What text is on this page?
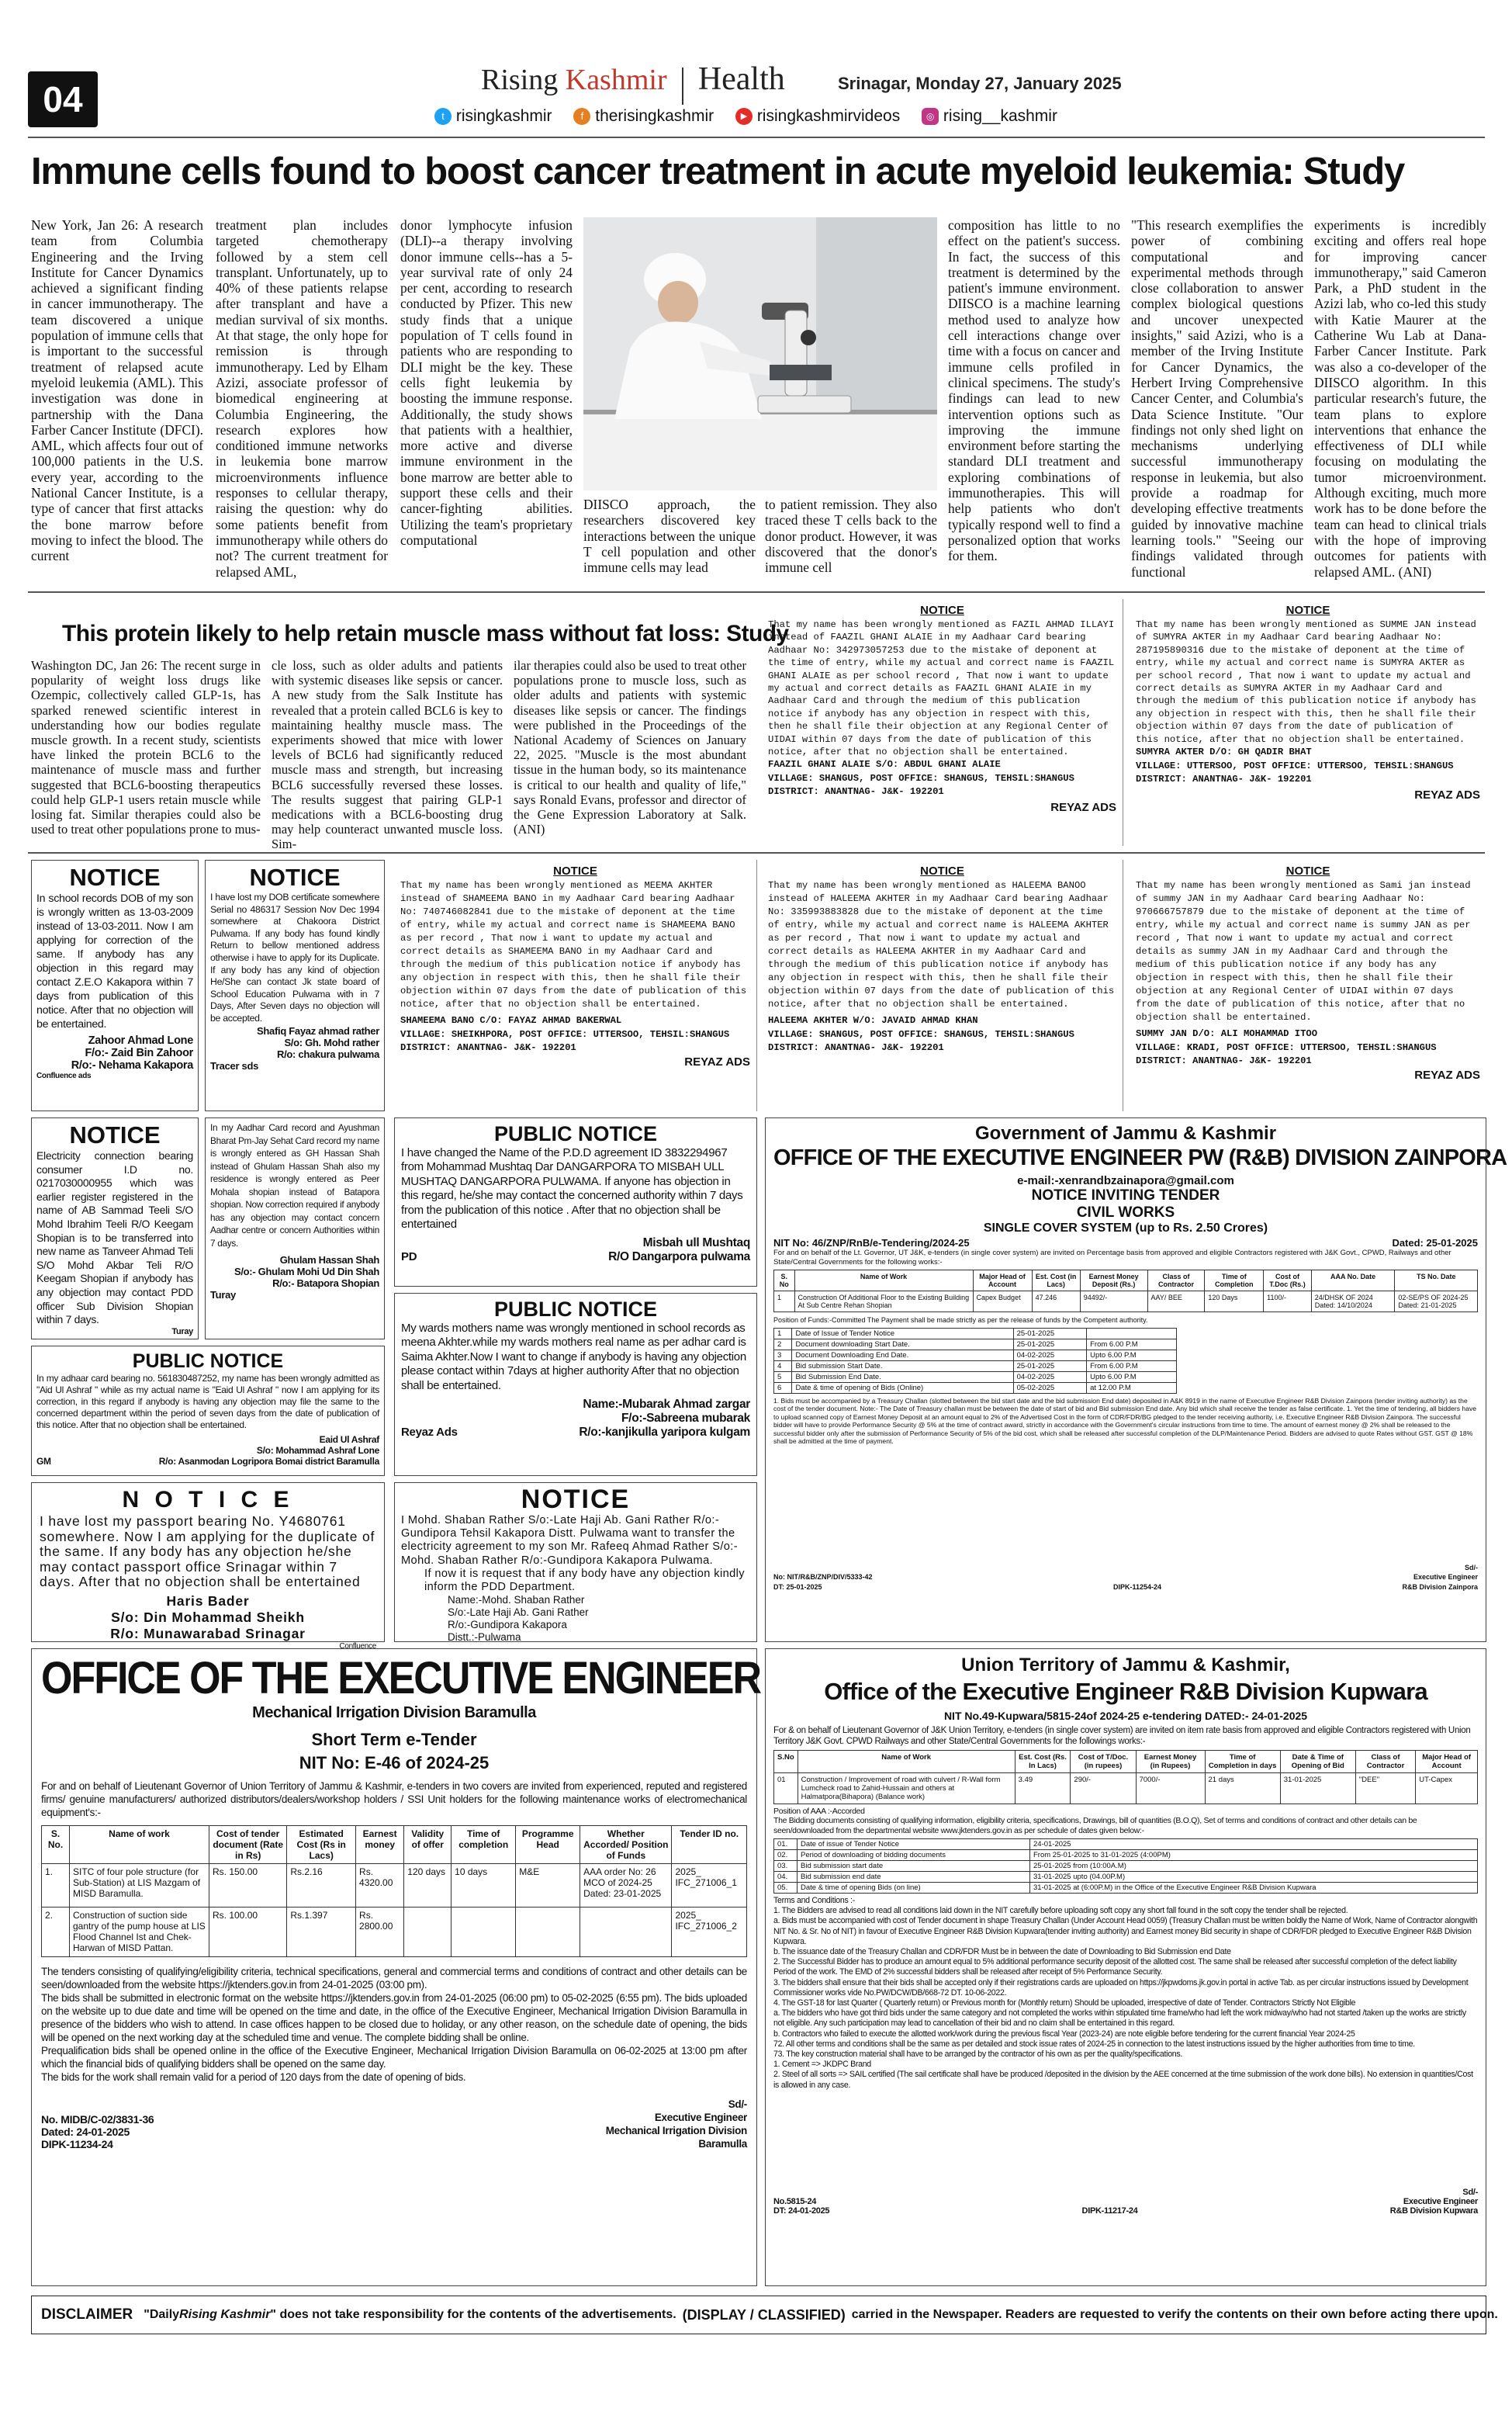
04	Rising Kashmir Health	Srinagar, Monday 27, January 2025
t risingkashmir	f therisingkashmir	▶ risingkashmirvideos	◎ rising__kashmir
Immune cells found to boost cancer treatment in acute myeloid leukemia: Study
New York, Jan 26: A research team from Columbia Engineering and the Irving Institute for Cancer Dynamics achieved a significant finding in cancer immunotherapy. The team discovered a unique population of immune cells that is important to the successful treatment of relapsed acute myeloid leukemia (AML). This investigation was done in partnership with the Dana Farber Cancer Institute (DFCI). AML, which affects four out of 100,000 patients in the U.S. every year, according to the National Cancer Institute, is a type of cancer that first attacks the bone marrow before moving to infect the blood. The current
treatment plan includes targeted chemotherapy followed by a stem cell transplant. Unfortunately, up to 40% of these patients relapse after transplant and have a median survival of six months. At that stage, the only hope for remission is through immunotherapy. Led by Elham Azizi, associate professor of biomedical engineering at Columbia Engineering, the research explores how conditioned immune networks in leukemia bone marrow microenvironments influence responses to cellular therapy, raising the question: why do some patients benefit from immunotherapy while others do not? The current treatment for relapsed AML,
donor lymphocyte infusion (DLI)--a therapy involving donor immune cells--has a 5-year survival rate of only 24 per cent, according to research conducted by Pfizer. This new study finds that a unique population of T cells found in patients who are responding to DLI might be the key. These cells fight leukemia by boosting the immune response. Additionally, the study shows that patients with a healthier, more active and diverse immune environment in the bone marrow are better able to support these cells and their cancer-fighting abilities. Utilizing the team's proprietary computational
DIISCO approach, the researchers discovered key interactions between the unique T cell population and other immune cells may lead
to patient remission. They also traced these T cells back to the donor product. However, it was discovered that the donor's immune cell
composition has little to no effect on the patient's success. In fact, the success of this treatment is determined by the patient's immune environment. DIISCO is a machine learning method used to analyze how cell interactions change over time with a focus on cancer and immune cells profiled in clinical specimens. The study's findings can lead to new intervention options such as improving the immune environment before starting the standard DLI treatment and exploring combinations of immunotherapies. This will help patients who don't typically respond well to find a personalized option that works for them.
"This research exemplifies the power of combining computational and experimental methods through close collaboration to answer complex biological questions and uncover unexpected insights," said Azizi, who is a member of the Irving Institute for Cancer Dynamics, the Herbert Irving Comprehensive Cancer Center, and Columbia's Data Science Institute. "Our findings not only shed light on mechanisms underlying successful immunotherapy response in leukemia, but also provide a roadmap for developing effective treatments guided by innovative machine learning tools." "Seeing our findings validated through functional
experiments is incredibly exciting and offers real hope for improving cancer immunotherapy," said Cameron Park, a PhD student in the Azizi lab, who co-led this study with Katie Maurer at the Catherine Wu Lab at Dana-Farber Cancer Institute. Park was also a co-developer of the DIISCO algorithm. In this particular research's future, the team plans to explore interventions that enhance the effectiveness of DLI while focusing on modulating the tumor microenvironment. Although exciting, much more work has to be done before the team can head to clinical trials with the hope of improving outcomes for patients with relapsed AML. (ANI)
This protein likely to help retain muscle mass without fat loss: Study
Washington DC, Jan 26: The recent surge in popularity of weight loss drugs like Ozempic, collectively called GLP-1s, has sparked renewed scientific interest in understanding how our bodies regulate muscle growth. In a recent study, scientists have linked the protein BCL6 to the maintenance of muscle mass and further suggested that BCL6-boosting therapeutics could help GLP-1 users retain muscle while losing fat. Similar therapies could also be used to treat other populations prone to mus-
cle loss, such as older adults and patients with systemic diseases like sepsis or cancer. A new study from the Salk Institute has revealed that a protein called BCL6 is key to maintaining healthy muscle mass. The experiments showed that mice with lower levels of BCL6 had significantly reduced muscle mass and strength, but increasing BCL6 successfully reversed these losses. The results suggest that pairing GLP-1 medications with a BCL6-boosting drug may help counteract unwanted muscle loss. Sim-
ilar therapies could also be used to treat other populations prone to muscle loss, such as older adults and patients with systemic diseases like sepsis or cancer. The findings were published in the Proceedings of the National Academy of Sciences on January 22, 2025. "Muscle is the most abundant tissue in the human body, so its maintenance is critical to our health and quality of life," says Ronald Evans, professor and director of the Gene Expression Laboratory at Salk. (ANI)
NOTICE
That my name has been wrongly mentioned as FAZIL AHMAD ILLAYI instead of FAAZIL GHANI ALAIE in my Aadhaar Card bearing Aadhaar No: 342973057253 due to the mistake of deponent at the time of entry, while my actual and correct name is FAAZIL GHANI ALAIE as per school record , That now i want to update my actual and correct details as FAAZIL GHANI ALAIE in my Aadhaar Card and through the medium of this publication notice if anybody has any objection in respect with this, then he shall file their objection at any Regional Center of UIDAI within 07 days from the date of publication of this notice, after that no objection shall be entertained.
FAAZIL GHANI ALAIE S/O: ABDUL GHANI ALAIE
VILLAGE: SHANGUS, POST OFFICE: SHANGUS, TEHSIL:SHANGUS
DISTRICT: ANANTNAG- J&K- 192201
REYAZ ADS
NOTICE
That my name has been wrongly mentioned as SUMME JAN instead of SUMYRA AKTER in my Aadhaar Card bearing Aadhaar No: 287195890316 due to the mistake of deponent at the time of entry, while my actual and correct name is SUMYRA AKTER as per school record , That now i want to update my actual and correct details as SUMYRA AKTER in my Aadhaar Card and through the medium of this publication notice if anybody has any objection in respect with this, then he shall file their objection within 07 days from the date of publication of this notice, after that no objection shall be entertained.
SUMYRA AKTER D/O: GH QADIR BHAT
VILLAGE: UTTERSOO, POST OFFICE: UTTERSOO, TEHSIL:SHANGUS
DISTRICT: ANANTNAG- J&K- 192201
REYAZ ADS
NOTICE
In school records DOB of my son is wrongly written as 13-03-2009 instead of 13-03-2011. Now I am applying for correction of the same. If anybody has any objection in this regard may contact Z.E.O Kakapora within 7 days from publication of this notice. After that no objection will be entertained.
Zahoor Ahmad Lone
F/o:- Zaid Bin Zahoor
R/o:- Nehama Kakapora
Confluence ads
NOTICE
I have lost my DOB certificate somewhere Serial no 486317 Session Nov Dec 1994 somewhere at Chakoora District Pulwama. If any body has found kindly Return to bellow mentioned address otherwise i have to apply for its Duplicate. If any body has any kind of objection He/She can contact Jk state board of School Education Pulwama with in 7 Days, After Seven days no objection will be accepted.
Shafiq Fayaz ahmad rather
S/o: Gh. Mohd rather
R/o: chakura pulwama
Tracer sds
NOTICE
That my name has been wrongly mentioned as MEEMA AKHTER instead of SHAMEEMA BANO in my Aadhaar Card bearing Aadhaar No: 740746082841 due to the mistake of deponent at the time of entry, while my actual and correct name is SHAMEEMA BANO as per record , That now i want to update my actual and correct details as SHAMEEMA BANO in my Aadhaar Card and through the medium of this publication notice if anybody has any objection in respect with this, then he shall file their objection within 07 days from the date of publication of this notice, after that no objection shall be entertained.
SHAMEEMA BANO C/O: FAYAZ AHMAD BAKERWAL
VILLAGE: SHEIKHPORA, POST OFFICE: UTTERSOO, TEHSIL:SHANGUS
DISTRICT: ANANTNAG- J&K- 192201
REYAZ ADS
NOTICE
That my name has been wrongly mentioned as HALEEMA BANOO instead of HALEEMA AKHTER in my Aadhaar Card bearing Aadhaar No: 335993883828 due to the mistake of deponent at the time of entry, while my actual and correct name is HALEEMA AKHTER as per record , That now i want to update my actual and correct details as HALEEMA AKHTER in my Aadhaar Card and through the medium of this publication notice if anybody has any objection in respect with this, then he shall file their objection within 07 days from the date of publication of this notice, after that no objection shall be entertained.
HALEEMA AKHTER W/O: JAVAID AHMAD KHAN
VILLAGE: SHANGUS, POST OFFICE: SHANGUS, TEHSIL:SHANGUS
DISTRICT: ANANTNAG- J&K- 192201
NOTICE
That my name has been wrongly mentioned as Sami jan instead of summy JAN in my Aadhaar Card bearing Aadhaar No: 970666757879 due to the mistake of deponent at the time of entry, while my actual and correct name is summy JAN as per record , That now i want to update my actual and correct details as summy JAN in my Aadhaar Card and through the medium of this publication notice if any body has any objection in respect with this, then he shall file their objection at any Regional Center of UIDAI within 07 days from the date of publication of this notice, after that no objection shall be entertained.
SUMMY JAN D/O: ALI MOHAMMAD ITOO
VILLAGE: KRADI, POST OFFICE: UTTERSOO, TEHSIL:SHANGUS
DISTRICT: ANANTNAG- J&K- 192201
REYAZ ADS
NOTICE
Electricity connection bearing consumer I.D no. 0217030000955 which was earlier register registered in the name of AB Sammad Teeli S/O Mohd Ibrahim Teeli R/O Keegam Shopian is to be transferred into new name as Tanveer Ahmad Teli S/O Mohd Akbar Teli R/O Keegam Shopian if anybody has any objection may contact PDD officer Sub Division Shopian within 7 days.
Turay
In my Aadhar Card record and Ayushman Bharat Pm-Jay Sehat Card record my name is wrongly entered as GH Hassan Shah instead of Ghulam Hassan Shah also my residence is wrongly entered as Peer Mohala shopian instead of Batapora shopian. Now correction required if anybody has any objection may contact concern Aadhar centre or concern Authorities within 7 days.
Ghulam Hassan Shah
S/o:- Ghulam Mohi Ud Din Shah
R/o:- Batapora Shopian
Turay
PUBLIC NOTICE
I have changed the Name of the P.D.D agreement ID 3832294967 from Mohammad Mushtaq Dar DANGARPORA TO MISBAH ULL MUSHTAQ DANGARPORA PULWAMA. If anyone has objection in this regard, he/she may contact the concerned authority within 7 days from the publication of this notice . After that no objection shall be entertained
Misbah ull Mushtaq
PD	R/O Dangarpora pulwama
PUBLIC NOTICE
My wards mothers name was wrongly mentioned in school records as meena Akhter.while my wards mothers real name as per adhar card is Saima Akhter.Now I want to change if anybody is having any objection please contact within 7days at higher authority After that no objection shall be entertained.
Name:-Mubarak Ahmad zargar
F/o:-Sabreena mubarak
Reyaz Ads	R/o:-kanjikulla yaripora kulgam
PUBLIC NOTICE
In my adhaar card bearing no. 561830487252, my name has been wrongly admitted as "Aid Ul Ashraf " while as my actual name is "Eaid Ul Ashraf " now I am applying for its correction, in this regard if anybody is having any objection may file the same to the concerned department within the period of seven days from the date of publication of this notice. After that no objection shall be entertained.
Eaid Ul Ashraf
S/o: Mohammad Ashraf Lone
GM	R/o: Asanmodan Logripora Bomai district Baramulla
N O T I C E
I have lost my passport bearing No. Y4680761 somewhere. Now I am applying for the duplicate of the same. If any body has any objection he/she may contact passport office Srinagar within 7 days. After that no objection shall be entertained
Haris Bader
S/o: Din Mohammad Sheikh
R/o: Munawarabad Srinagar
Confluence
NOTICE
I Mohd. Shaban Rather S/o:-Late Haji Ab. Gani Rather R/o:-Gundipora Tehsil Kakapora Distt. Pulwama want to transfer the electricity agreement to my son Mr. Rafeeq Ahmad Rather S/o:-Mohd. Shaban Rather R/o:-Gundipora Kakapora Pulwama.
If now it is request that if any body have any objection kindly inform the PDD Department.
Name:-Mohd. Shaban Rather
S/o:-Late Haji Ab. Gani Rather
R/o:-Gundipora Kakapora
Distt.:-Pulwama
Government of Jammu & Kashmir
OFFICE OF THE EXECUTIVE ENGINEER PW (R&B) DIVISION ZAINPORA
e-mail:-xenrandbzainapora@gmail.com
NOTICE INVITING TENDER
CIVIL WORKS
SINGLE COVER SYSTEM (up to Rs. 2.50 Crores)
NIT No: 46/ZNP/RnB/e-Tendering/2024-25	Dated: 25-01-2025
For and on behalf of the Lt. Governor, UT J&K, e-tenders (in single cover system) are invited on Percentage basis from approved and eligible Contractors registered with J&K Govt., CPWD, Railways and other State/Central Governments for the following works:-
S. No	Name of Work	Major Head of Account	Est. Cost (in Lacs)	Earnest Money Deposit (Rs.)	Class of Contractor	Time of Completion	Cost of T.Doc (Rs.)	AAA No. Date	TS No. Date
1	Construction Of Additional Floor to the Existing Building At Sub Centre Rehan Shopian	Capex Budget	47.246	94492/-	AAY/ BEE	120 Days	1100/-	24/DHSK OF 2024 Dated: 14/10/2024	02-SE/PS OF 2024-25 Dated: 21-01-2025
Position of Funds:-Committed The Payment shall be made strictly as per the release of funds by the Competent authority.
1	Date of Issue of Tender Notice	25-01-2025	
2	Document downloading Start Date.	25-01-2025	From 6.00 P.M
3	Document Downloading End Date.	04-02-2025	Upto 6.00 P.M
4	Bid submission Start Date.	25-01-2025	From 6.00 P.M
5	Bid Submission End Date.	04-02-2025	Upto 6.00 P.M
6	Date & time of opening of Bids (Online)	05-02-2025	at 12.00 P.M
1. Bids must be accompanied by a Treasury Challan (slotted between the bid start date and the bid submission End date) deposited in A&K 8919 in the name of Executive Engineer R&B Division Zainpora (tender inviting authority) as the cost of the tender document. Note:- The Date of Treasury challan must be between the date of start of bid and Bid submission End date. Any bid which shall receive the tender as false certificate. 1. Yet the time of tendering, all bidders have to upload scanned copy of Earnest Money Deposit at an amount equal to 2% of the Advertised Cost in the form of CDR/FDR/BG pledged to the tender receiving authority, i.e. Executive Engineer R&B Division Zainpora. The successful bidder will have to provide Performance Security @ 5% at the time of contract award, strictly in accordance with the Government's circular instructions from time to time. The amount of earnest money @ 2% shall be released to the successful bidder only after the submission of Performance Security of 5% of the bid cost, which shall be released after successful completion of the DLP/Maintenance Period. Bidders are advised to quote Rates without GST. GST @ 18% shall be admitted at the time of payment.
No: NIT/R&B/ZNP/DIV/5333-42
DT: 25-01-2025	DIPK-11254-24
Sd/-
Executive Engineer
R&B Division Zainpora
OFFICE OF THE EXECUTIVE ENGINEER
Mechanical Irrigation Division Baramulla
Short Term e-Tender
NIT No: E-46 of 2024-25
For and on behalf of Lieutenant Governor of Union Territory of Jammu & Kashmir, e-tenders in two covers are invited from experienced, reputed and registered firms/ genuine manufacturers/ authorized distributors/dealers/workshop holders / SSI Unit holders for the following maintenance works of electromechanical equipment's:-
S. No.	Name of work	Cost of tender document (Rate in Rs)	Estimated Cost (Rs in Lacs)	Earnest money	Validity of offer	Time of completion	Programme Head	Whether Accorded/ Position of Funds	Tender ID no.
1.	SITC of four pole structure (for Sub-Station) at LIS Mazgam of MISD Baramulla.	Rs. 150.00	Rs.2.16	Rs. 4320.00	120 days	10 days	M&E	AAA order No: 26 MCO of 2024-25 Dated: 23-01-2025	2025_ IFC_271006_1
2.	Construction of suction side gantry of the pump house at LIS Flood Channel Ist and Chek-Harwan of MISD Pattan.	Rs. 100.00	Rs.1.397	Rs. 2800.00					2025_ IFC_271006_2
The tenders consisting of qualifying/eligibility criteria, technical specifications, general and commercial terms and conditions of contract and other details can be seen/downloaded from the website https://jktenders.gov.in from 24-01-2025 (03:00 pm).
The bids shall be submitted in electronic format on the website https://jktenders.gov.in from 24-01-2025 (06:00 pm) to 05-02-2025 (6:55 pm). The bids uploaded on the website up to due date and time will be opened on the time and date, in the office of the Executive Engineer, Mechanical Irrigation Division Baramulla in presence of the bidders who wish to attend. In case offices happen to be closed due to holiday, or any other reason, on the schedule date of opening, the bids will be opened on the next working day at the scheduled time and venue. The complete bidding shall be online.
Prequalification bids shall be opened online in the office of the Executive Engineer, Mechanical Irrigation Division Baramulla on 06-02-2025 at 13:00 pm after which the financial bids of qualifying bidders shall be opened on the same day.
The bids for the work shall remain valid for a period of 120 days from the date of opening of bids.
No. MIDB/C-02/3831-36
Dated: 24-01-2025
DIPK-11234-24
Sd/-
Executive Engineer
Mechanical Irrigation Division
Baramulla
Union Territory of Jammu & Kashmir,
Office of the Executive Engineer R&B Division Kupwara
NIT No.49-Kupwara/5815-24of 2024-25 e-tendering DATED:- 24-01-2025
For & on behalf of Lieutenant Governor of J&K Union Territory, e-tenders (in single cover system) are invited on item rate basis from approved and eligible Contractors registered with Union Territory J&K Govt. CPWD Railways and other State/Central Governments for the followings works:-
S.No	Name of Work	Est. Cost (Rs. In Lacs)	Cost of T/Doc. (in rupees)	Earnest Money (in Rupees)	Time of Completion in days	Date & Time of Opening of Bid	Class of Contractor	Major Head of Account
01	Construction / Improvement of road with culvert / R-Wall form Lumcheck road to Zahid-Hussain and others at Halmatpora(Bihapora) (Balance work)	3.49	290/-	7000/-	21 days	31-01-2025	"DEE"	UT-Capex
Position of AAA :-Accorded
The Bidding documents consisting of qualifying information, eligibility criteria, specifications, Drawings, bill of quantities (B.O.Q), Set of terms and conditions of contract and other details can be seen/downloaded from the departmental website www.jktenders.gov.in as per schedule of dates given below:-
01.	Date of issue of Tender Notice	24-01-2025
02.	Period of downloading of bidding documents	From 25-01-2025 to 31-01-2025 (4:00PM)
03.	Bid submission start date	25-01-2025 from (10:00A.M)
04.	Bid submission end date	31-01-2025 upto (04.00P.M)
05.	Date & time of opening Bids (on line)	31-01-2025 at (6:00P.M) in the Office of the Executive Engineer R&B Division Kupwara
Terms and Conditions :-
1. The Bidders are advised to read all conditions laid down in the NIT carefully before uploading soft copy any short fall found in the soft copy the tender shall be rejected.
a. Bids must be accompanied with cost of Tender document in shape Treasury Challan (Under Account Head 0059) (Treasury Challan must be written boldly the Name of Work, Name of Contractor alongwith NIT No. & Sr. No of NIT) in favour of Executive Engineer R&B Division Kupwara(tender inviting authority) and Earnest money Bid security in shape of CDR/FDR pledged to Executive Engineer R&B Division Kupwara.
b. The issuance date of the Treasury Challan and CDR/FDR Must be in between the date of Downloading to Bid Submission end Date
2. The Successful Bidder has to produce an amount equal to 5% additional performance security deposit of the allotted cost. The same shall be released after successful completion of the defect liability Period of the work. The EMD of 2% successful bidders shall be released after receipt of 5% Performance Security.
3. The bidders shall ensure that their bids shall be accepted only if their registrations cards are uploaded on https://jkpwdoms.jk.gov.in portal in active Tab. as per circular instructions issued by Development Commissioner works vide No.PW/DCW/DB/668-72 DT. 10-06-2022.
4. The GST-18 for last Quarter ( Quarterly return) or Previous month for (Monthly return) Should be uploaded, irrespective of date of Tender. Contractors Strictly Not Eligible
a. The bidders who have got third bids under the same category and not completed the works within stipulated time frame/who had left the work midway/who had not started /taken up the works are strictly not eligible. Any such participation may lead to cancellation of their bid and no claim shall be entertained in this regard.
b. Contractors who failed to execute the allotted work/work during the previous fiscal Year (2023-24) are note eligible before tendering for the current financial Year 2024-25
72. All other terms and conditions shall be the same as per detailed and stock issue rates of 2024-25 in connection to the latest instructions issued by the higher authorities from time to time.
73. The key construction material shall have to be arranged by the contractor of his own as per the quality/specifications.
1. Cement => JKDPC Brand
2. Steel of all sorts => SAIL certified (The sail certificate shall have be produced /deposited in the division by the AEE concerned at the time submission of the work done bills). No extension in quantities/Cost is allowed in any case.
No.5815-24
DT: 24-01-2025	DIPK-11217-24
Sd/-
Executive Engineer
R&B Division Kupwara
DISCLAIMER "Daily Rising Kashmir " does not take responsibility for the contents of the advertisements. (DISPLAY / CLASSIFIED) carried in the Newspaper. Readers are requested to verify the contents on their own before acting there upon.
